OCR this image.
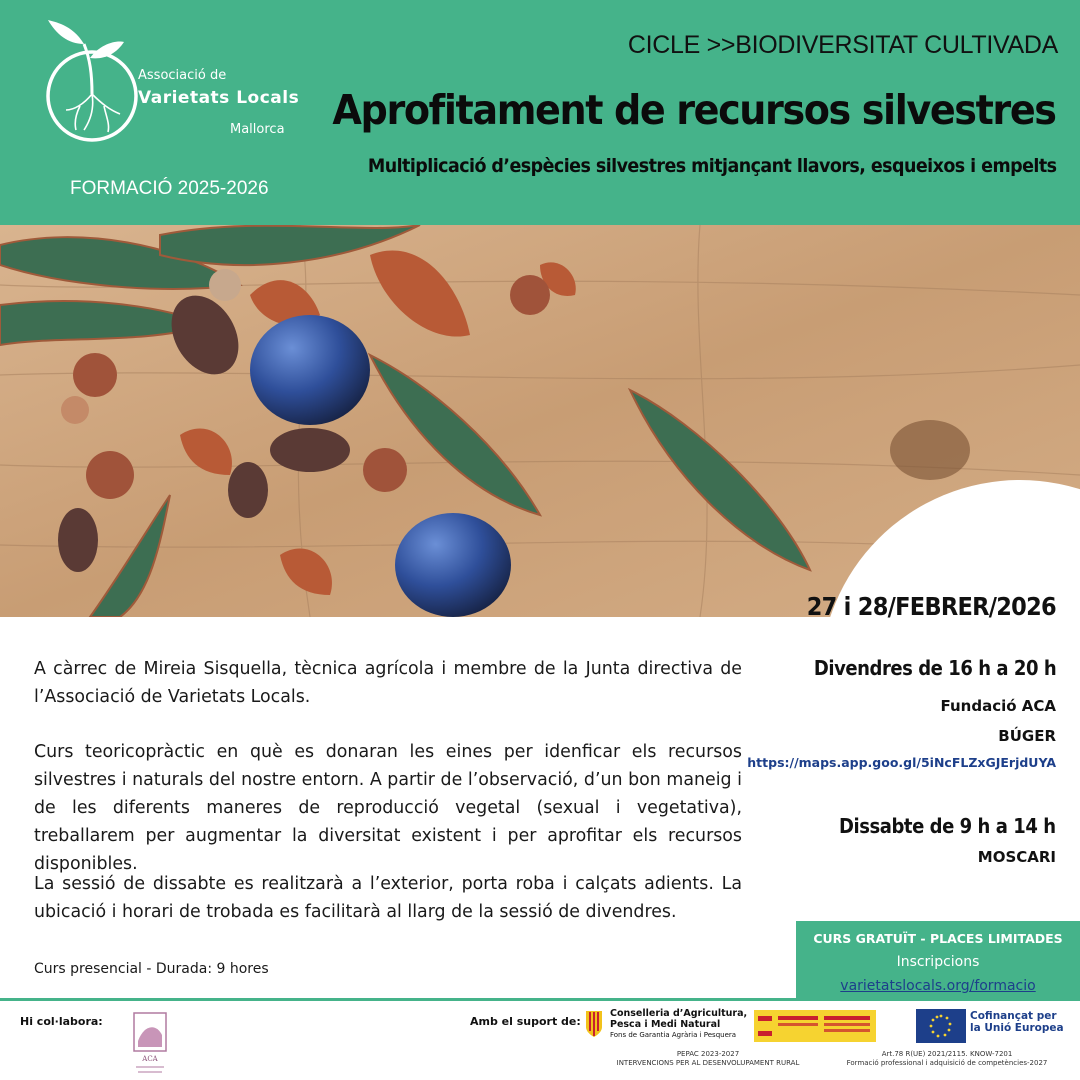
Associació de
Varietats Locals
Mallorca
FORMACIÓ 2025-2026
CICLE >>BIODIVERSITAT CULTIVADA
Aprofitament de recursos silvestres
Multiplicació d’espècies silvestres mitjançant llavors, esqueixos i empelts
27 i 28/FEBRER/2026

A càrrec de Mireia Sisquella, tècnica agrícola i membre de la Junta directiva de l’Associació de Varietats Locals.

Curs teoricopràctic en què es donaran les eines per idenficar els recursos silvestres i naturals del nostre entorn. A partir de l’observació, d’un bon maneig i de les diferents maneres de reproducció vegetal (sexual i vegetativa), treballarem per augmentar la diversitat existent i per aprofitar els recursos disponibles.

La sessió de dissabte es realitzarà a l’exterior, porta roba i calçats adients. La ubicació i horari de trobada es facilitarà al llarg de la sessió de divendres.

Curs presencial - Durada: 9 hores
Divendres de 16 h a 20 h
Fundació ACA
BÚGER
https://maps.app.goo.gl/5iNcFLZxGJErjdUYA
Dissabte de 9 h a 14 h
MOSCARI
CURS GRATUÏT - PLACES LIMITADES
Inscripcions
varietatslocals.org/formacio
Hi col·labora:
ACA
Amb el suport de:
Conselleria d’Agricultura,
Pesca i Medi Natural
Fons de Garantia Agrària i Pesquera
Cofinançat per
la Unió Europea
PEPAC 2023-2027
INTERVENCIONS PER AL DESENVOLUPAMENT RURAL
Art.78 R(UE) 2021/2115. KNOW-7201
Formació professional i adquisició de competències-2027
